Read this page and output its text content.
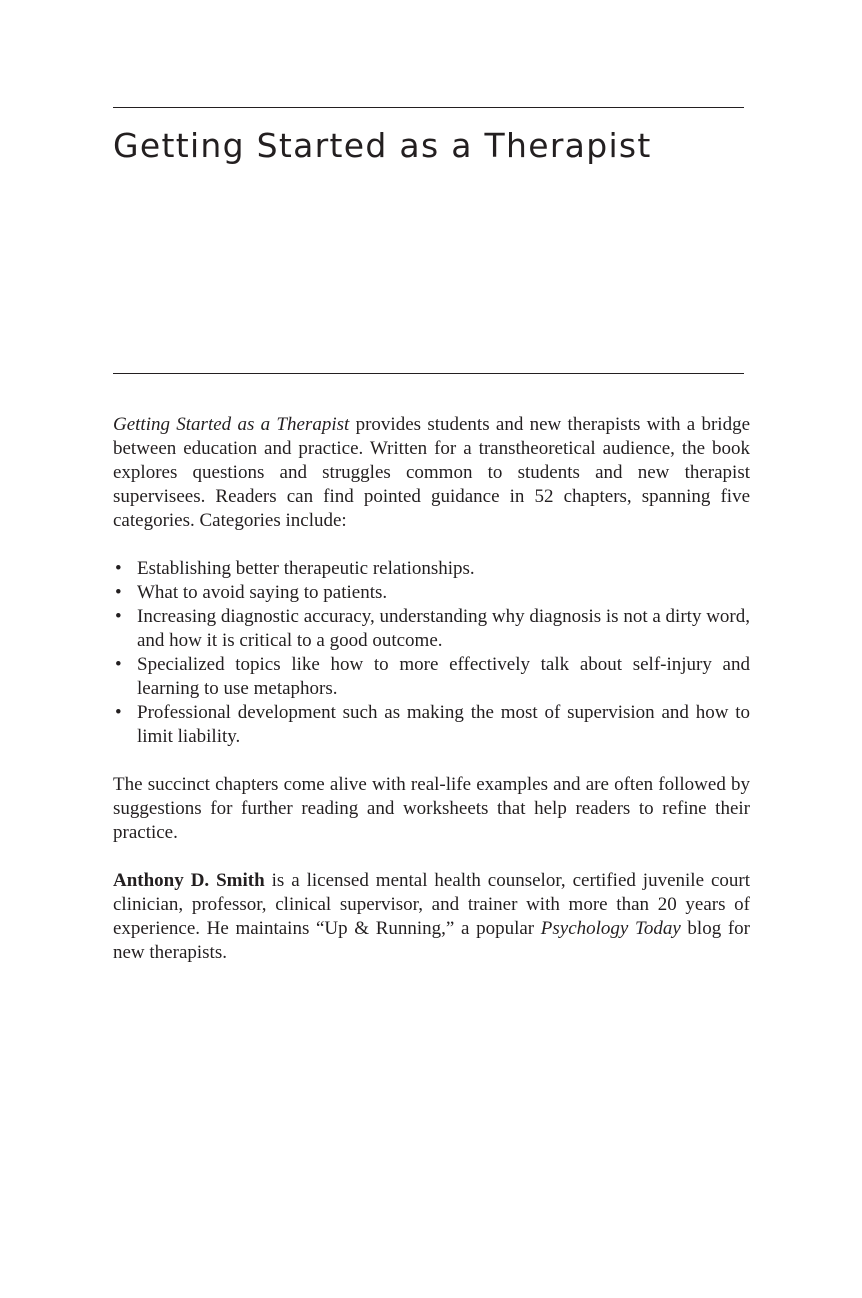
Getting Started as a Therapist

Getting Started as a Therapist provides students and new therapists with a bridge between education and practice. Written for a transtheoretical audience, the book explores questions and struggles common to students and new therapist supervisees. Readers can find pointed guidance in 52 chapters, spanning five categories. Categories include:

• Establishing better therapeutic relationships.
• What to avoid saying to patients.
• Increasing diagnostic accuracy, understanding why diagnosis is not a dirty word, and how it is critical to a good outcome.
• Specialized topics like how to more effectively talk about self-injury and learning to use metaphors.
• Professional development such as making the most of supervision and how to limit liability.

The succinct chapters come alive with real-life examples and are often followed by suggestions for further reading and worksheets that help readers to refine their practice.

Anthony D. Smith is a licensed mental health counselor, certified juvenile court clinician, professor, clinical supervisor, and trainer with more than 20 years of experience. He maintains “Up & Running,” a popular Psychology Today blog for new therapists.
